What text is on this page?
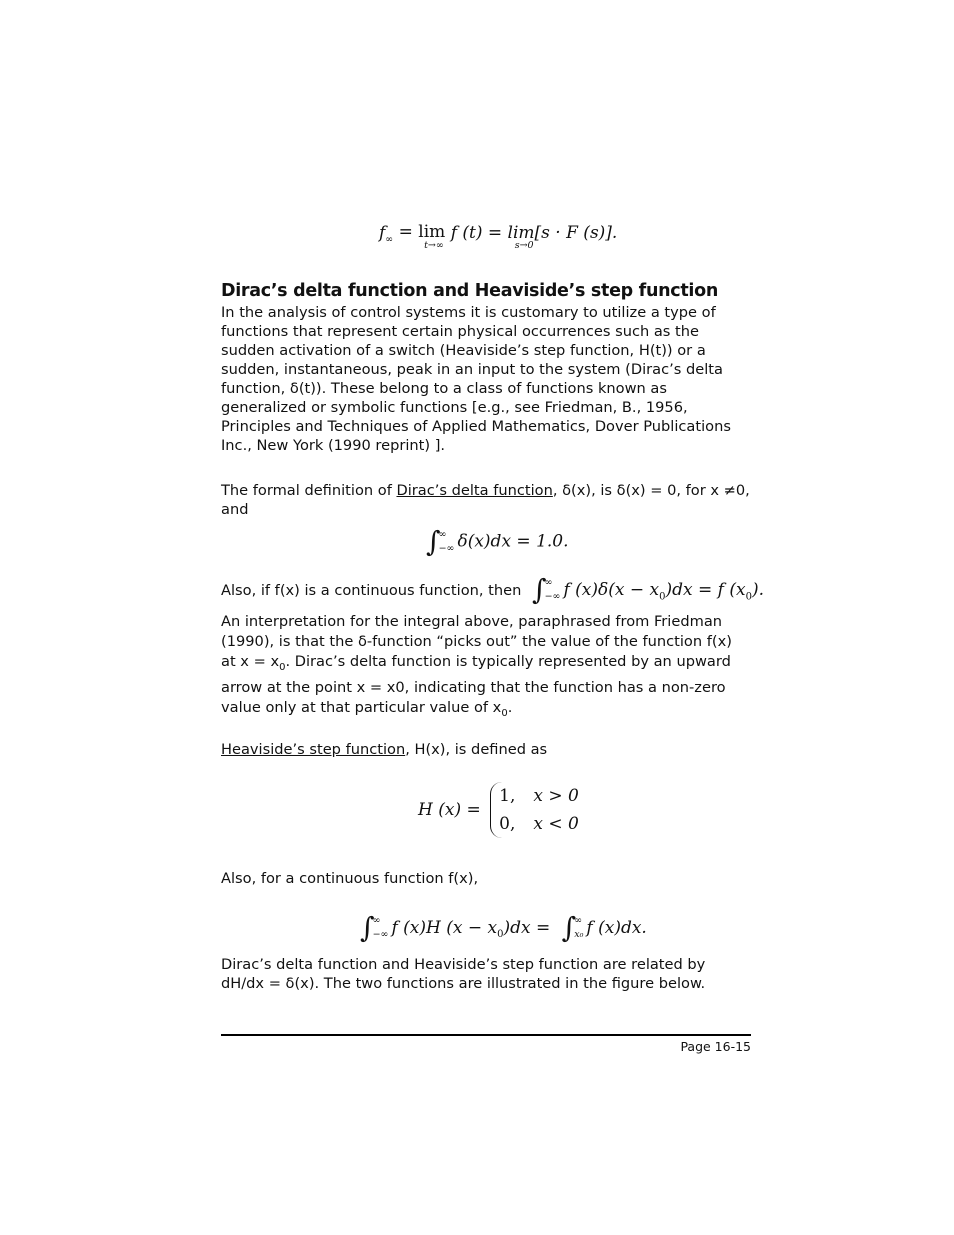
$f_\infty = \lim$
t→∞
f (t) = lim[
s→0
s · F (s)].
Dirac’s delta function and Heaviside’s step function

In the analysis of control systems it is customary to utilize a type of functions that represent certain physical occurrences such as the sudden activation of a switch (Heaviside’s step function, H(t)) or a sudden, instantaneous, peak in an input to the system (Dirac’s delta function, δ(t)). These belong to a class of functions known as generalized or symbolic functions [e.g., see Friedman, B., 1956, Principles and Techniques of Applied Mathematics, Dover Publications Inc., New York (1990 reprint) ].

The formal definition of Dirac’s delta function, δ(x), is δ(x) = 0, for x ≠0, and

∫
∞
−∞ δ(x)dx = 1.0.
Also, if f(x) is a continuous function, then ∫
∞
−∞ f $(x)\delta(x - x_0)dx = f$ $(x_0)$.

An interpretation for the integral above, paraphrased from Friedman (1990), is that the δ-function “picks out” the value of the function f(x) at $x = x_0$. Dirac’s delta function is typically represented by an upward arrow at the point x = x0, indicating that the function has a non-zero value only at that particular value of $x_0$.

Heaviside’s step function, H(x), is defined as

H (x) =
1, x > 0
0, x < 0

Also, for a continuous function f(x),

∫
∞
−∞ f (x)H $(x - x_0)dx$ = ∫
∞
x₀ f (x)dx.

Dirac’s delta function and Heaviside’s step function are related by dH/dx = δ(x). The two functions are illustrated in the figure below.

Page 16-15
